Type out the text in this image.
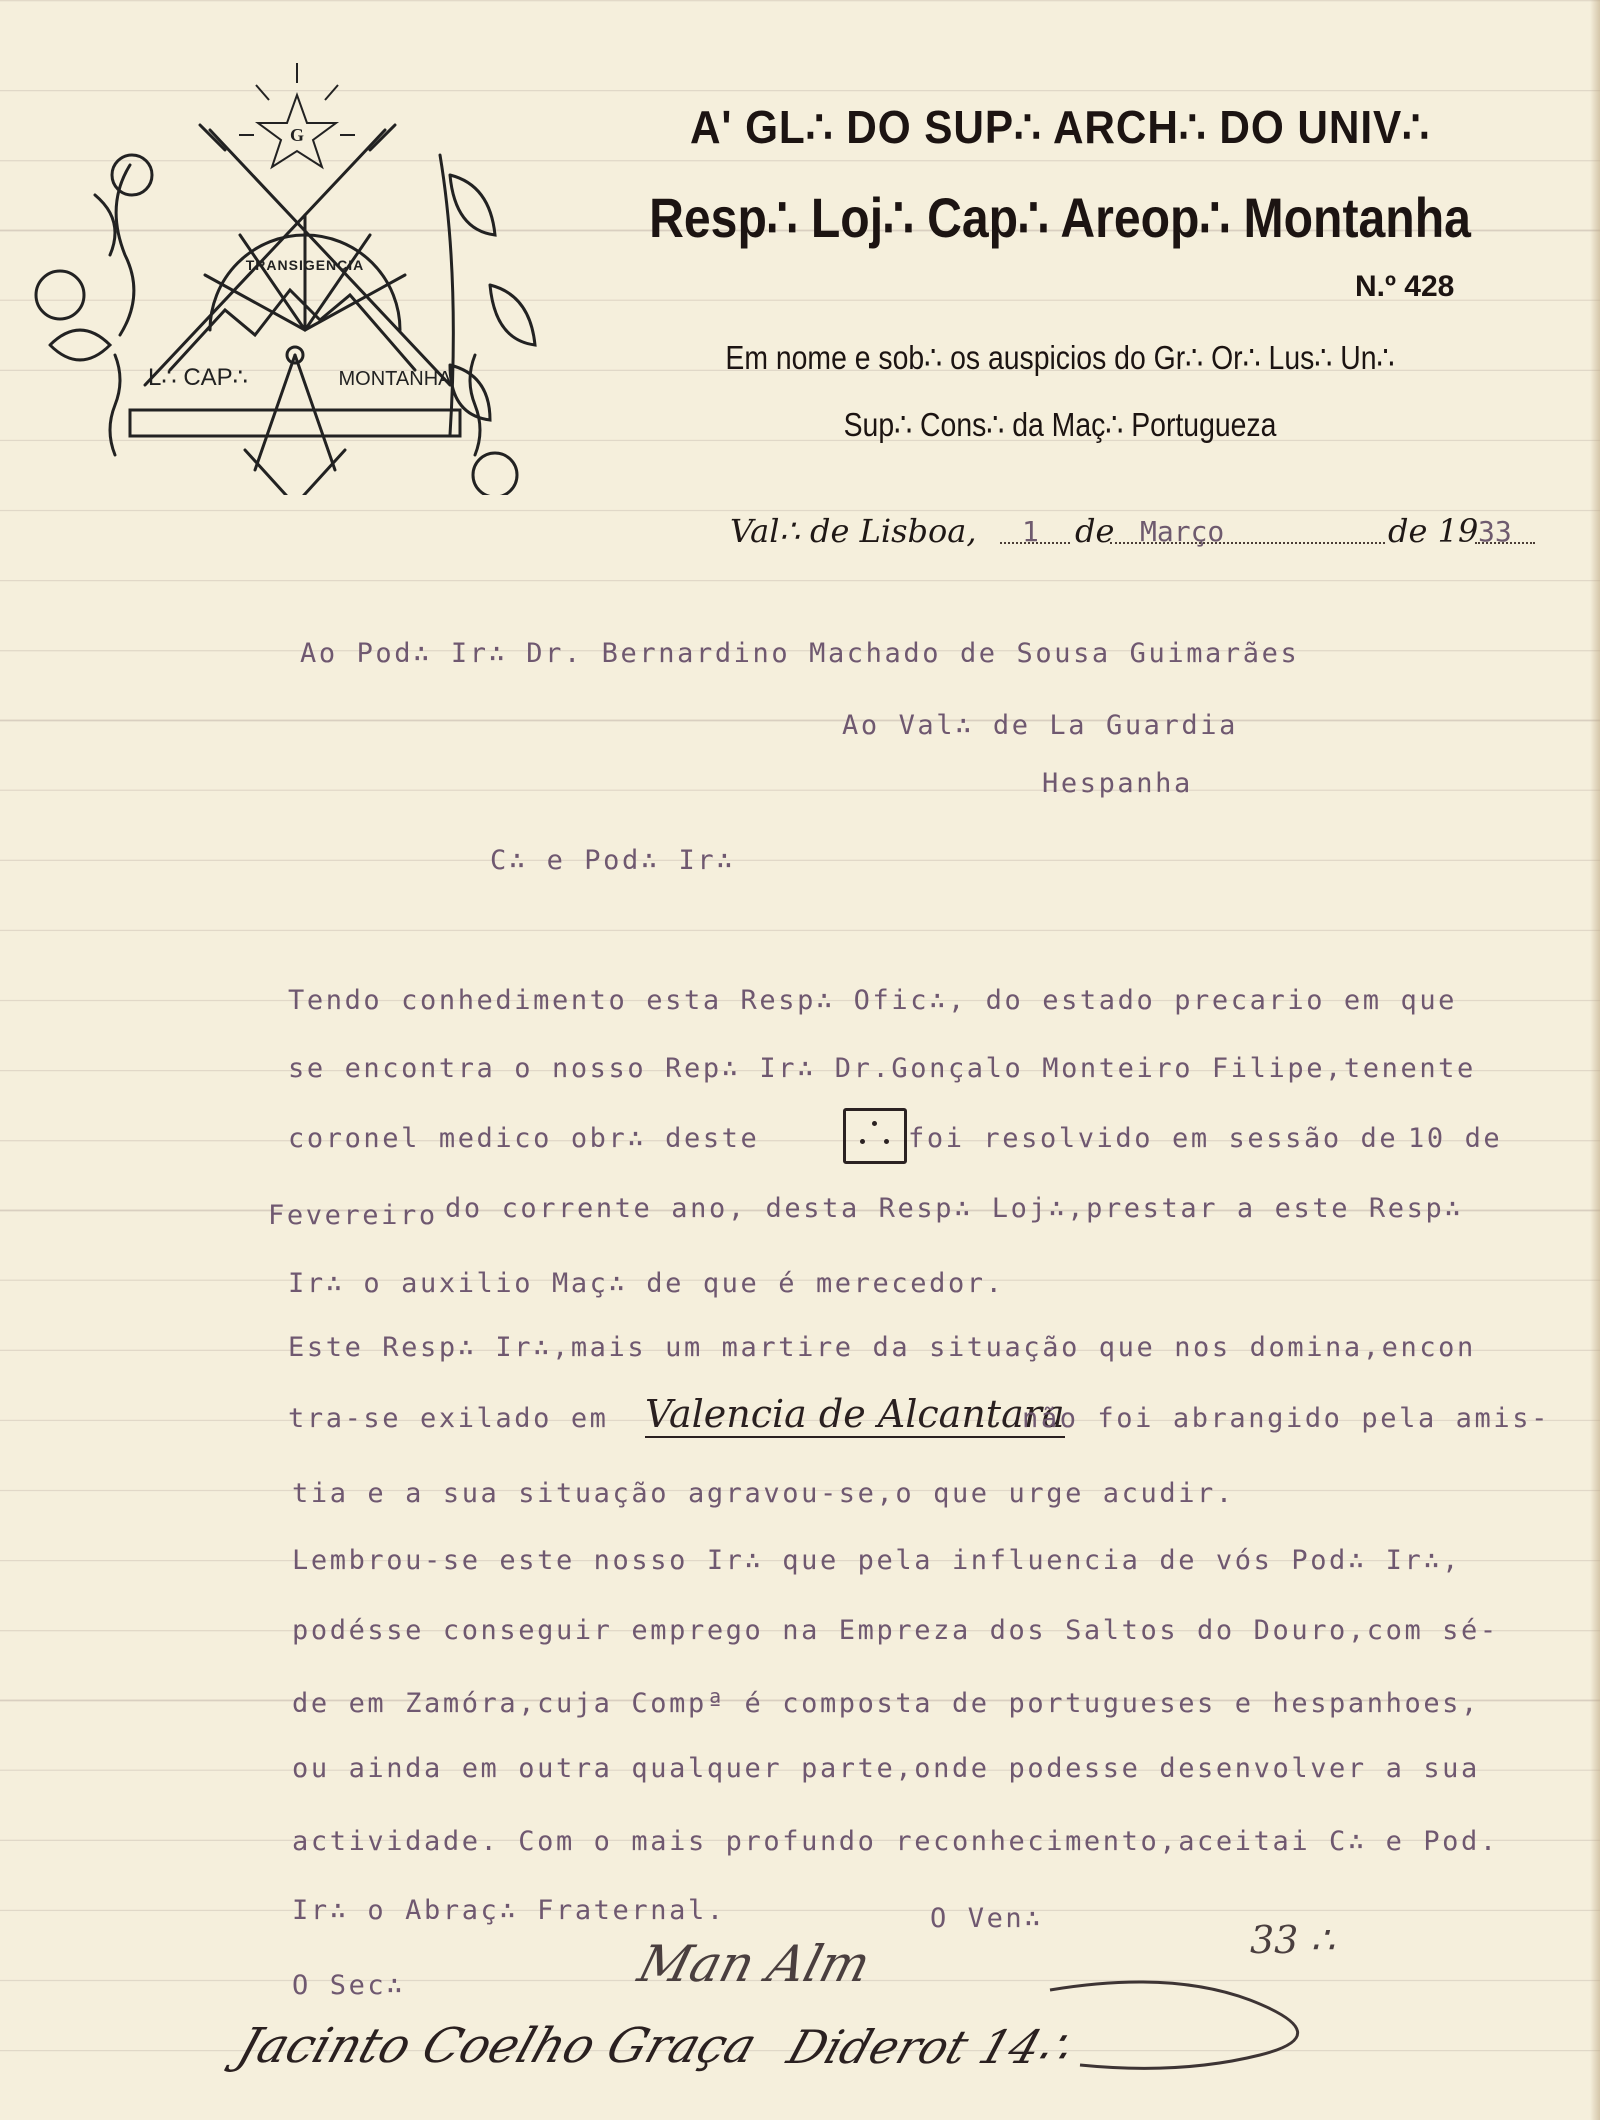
G
TRANSIGENCIA
L∴ CAP∴	MONTANHA
A' GL∴ DO SUP∴ ARCH∴ DO UNIV∴
Resp∴ Loj∴ Cap∴ Areop∴ Montanha
N.º 428
Em nome e sob∴ os auspicios do Gr∴ Or∴ Lus∴ Un∴
Sup∴ Cons∴ da Maç∴ Portugueza
Val∴ de Lisboa, 1 de Março	de 19 33
Ao Pod∴ Ir∴ Dr. Bernardino Machado de Sousa Guimarães
Ao Val∴ de La Guardia
Hespanha
C∴ e Pod∴ Ir∴
Tendo conhedimento esta Resp∴ Ofic∴, do estado precario em que
se encontra o nosso Rep∴ Ir∴ Dr.Gonçalo Monteiro Filipe,tenente
coronel medico obr∴ deste	foi resolvido em sessão de 10 de
Fevereiro do corrente ano, desta Resp∴ Loj∴,prestar a este Resp∴
Ir∴ o auxilio Maç∴ de que é merecedor.
Este Resp∴ Ir∴,mais um martire da situação que nos domina,encon
tra-se exilado em Valencia de Alcantara
não foi abrangido pela amis-
tia e a sua situação agravou-se,o que urge acudir.
Lembrou-se este nosso Ir∴ que pela influencia de vós Pod∴ Ir∴,
podésse conseguir emprego na Empreza dos Saltos do Douro,com sé-
de em Zamóra,cuja Compª é composta de portugueses e hespanhoes,
ou ainda em outra qualquer parte,onde podesse desenvolver a sua
actividade. Com o mais profundo reconhecimento,aceitai C∴ e Pod.
Ir∴ o Abraç∴ Fraternal.	O Ven∴
O Sec∴	Man Alm	33 ∴
Jacinto Coelho Graça Diderot 14∴
